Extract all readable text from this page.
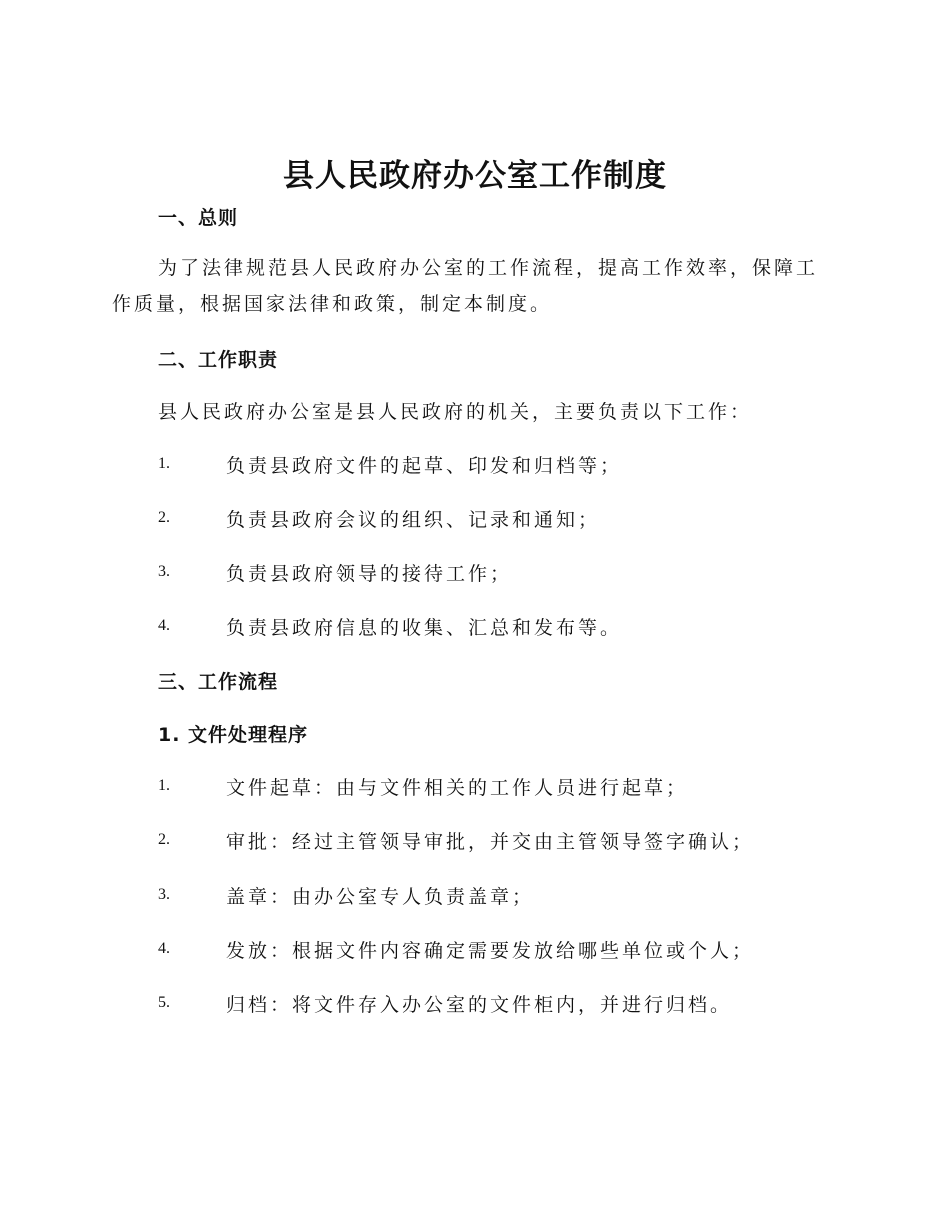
县人民政府办公室工作制度
一、总则

为了法律规范县人民政府办公室的工作流程，提高工作效率，保障工作质量，根据国家法律和政策，制定本制度。

二、工作职责

县人民政府办公室是县人民政府的机关，主要负责以下工作：

1.	负责县政府文件的起草、印发和归档等；
2.	负责县政府会议的组织、记录和通知；
3.	负责县政府领导的接待工作；
4.	负责县政府信息的收集、汇总和发布等。
三、工作流程
1. 文件处理程序
1.	文件起草：由与文件相关的工作人员进行起草；
2.	审批：经过主管领导审批，并交由主管领导签字确认；
3.	盖章：由办公室专人负责盖章；
4.	发放：根据文件内容确定需要发放给哪些单位或个人；
5.	归档：将文件存入办公室的文件柜内，并进行归档。
